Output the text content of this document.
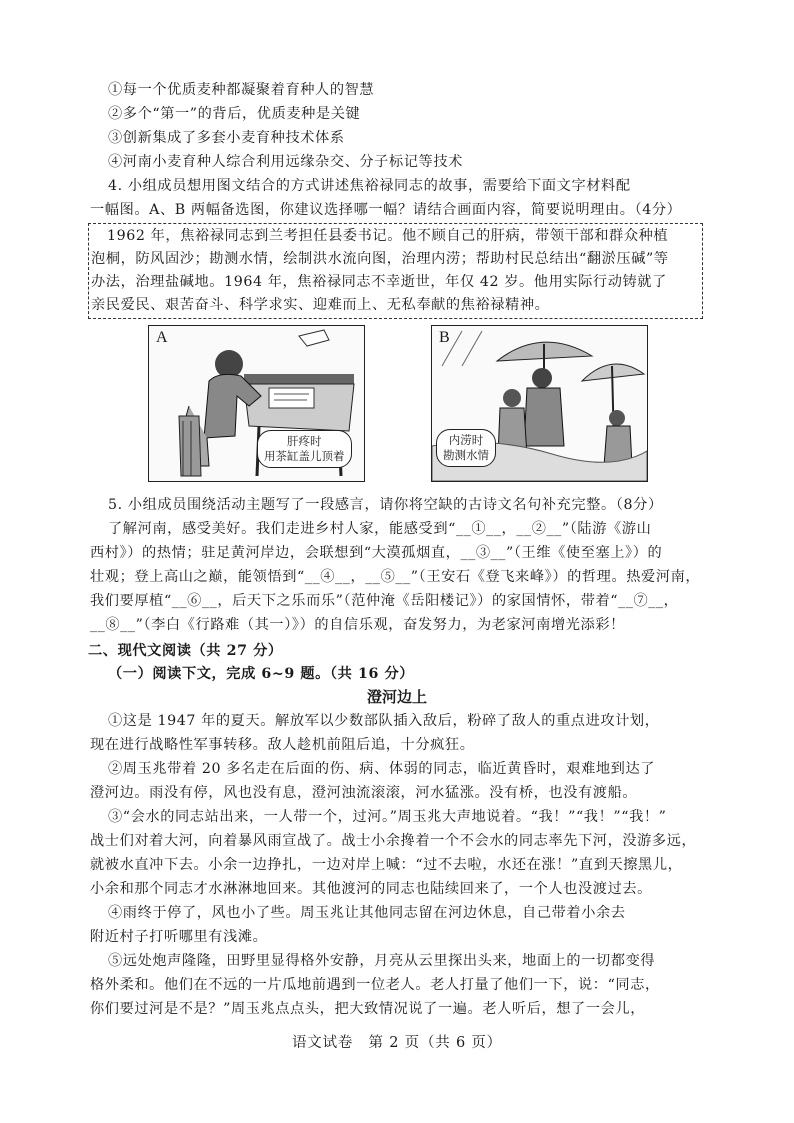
①每一个优质麦种都凝聚着育种人的智慧
②多个“第一”的背后，优质麦种是关键
③创新集成了多套小麦育种技术体系
④河南小麦育种人综合利用远缘杂交、分子标记等技术
4. 小组成员想用图文结合的方式讲述焦裕禄同志的故事，需要给下面文字材料配
一幅图。A、B 两幅备选图，你建议选择哪一幅？请结合画面内容，简要说明理由。（4分）
1962 年，焦裕禄同志到兰考担任县委书记。他不顾自己的肝病，带领干部和群众种植
泡桐，防风固沙；勘测水情，绘制洪水流向图，治理内涝；帮助村民总结出“翻淤压碱”等
办法，治理盐碱地。1964 年，焦裕禄同志不幸逝世，年仅 42 岁。他用实际行动铸就了
亲民爱民、艰苦奋斗、科学求实、迎难而上、无私奉献的焦裕禄精神。
A
肝疼时
用茶缸盖儿顶着
B
内涝时
勘测水情
5. 小组成员围绕活动主题写了一段感言，请你将空缺的古诗文名句补充完整。（8分）
了解河南，感受美好。我们走进乡村人家，能感受到“__①__，__②__”（陆游《游山
西村》）的热情；驻足黄河岸边，会联想到“大漠孤烟直，__③__”（王维《使至塞上》）的
壮观；登上高山之巅，能领悟到“__④__，__⑤__”（王安石《登飞来峰》）的哲理。热爱河南，
我们要厚植“__⑥__，后天下之乐而乐”（范仲淹《岳阳楼记》）的家国情怀，带着“__⑦__，
__⑧__”（李白《行路难（其一）》）的自信乐观，奋发努力，为老家河南增光添彩！
二、现代文阅读（共 27 分）
（一）阅读下文，完成 6~9 题。（共 16 分）
澄河边上
①这是 1947 年的夏天。解放军以少数部队插入敌后，粉碎了敌人的重点进攻计划，
现在进行战略性军事转移。敌人趁机前阻后追，十分疯狂。
②周玉兆带着 20 多名走在后面的伤、病、体弱的同志，临近黄昏时，艰难地到达了
澄河边。雨没有停，风也没有息，澄河浊流滚滚，河水猛涨。没有桥，也没有渡船。
③“会水的同志站出来，一人带一个，过河。”周玉兆大声地说着。“我！”“我！”“我！”
战士们对着大河，向着暴风雨宣战了。战士小余搀着一个不会水的同志率先下河，没游多远，
就被水直冲下去。小余一边挣扎，一边对岸上喊：“过不去啦，水还在涨！”直到天擦黑儿，
小余和那个同志才水淋淋地回来。其他渡河的同志也陆续回来了，一个人也没渡过去。
④雨终于停了，风也小了些。周玉兆让其他同志留在河边休息，自己带着小余去
附近村子打听哪里有浅滩。
⑤远处炮声隆隆，田野里显得格外安静，月亮从云里探出头来，地面上的一切都变得
格外柔和。他们在不远的一片瓜地前遇到一位老人。老人打量了他们一下，说：“同志，
你们要过河是不是？”周玉兆点点头，把大致情况说了一遍。老人听后，想了一会儿，
语文试卷　第 2 页（共 6 页）
